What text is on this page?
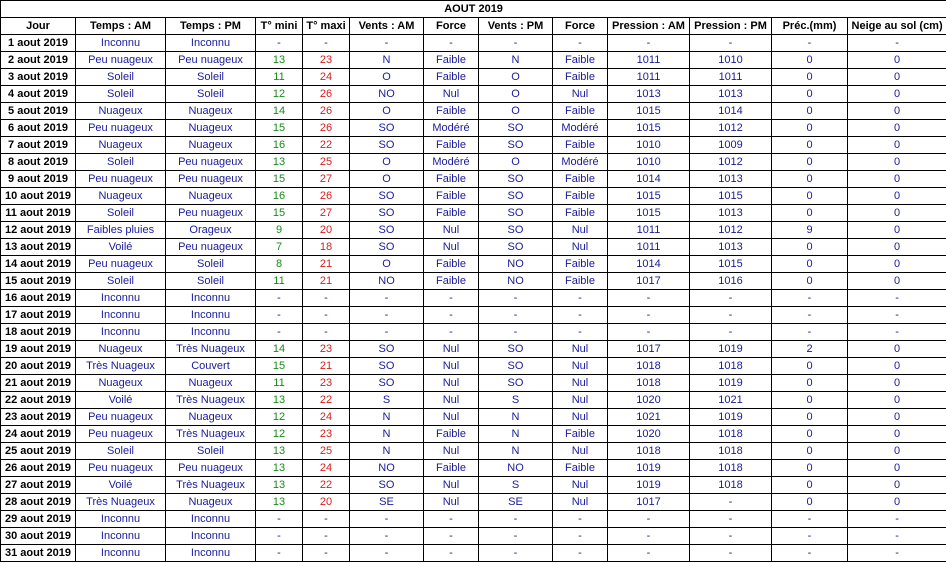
AOUT 2019												
Jour	Temps : AM	Temps : PM	T° mini	T° maxi	Vents : AM	Force	Vents : PM	Force	Pression : AM	Pression : PM	Préc.(mm)	Neige au sol (cm)
1 aout 2019	Inconnu	Inconnu	-	-	-	-	-	-	-	-	-	-
2 aout 2019	Peu nuageux	Peu nuageux	13	23	N	Faible	N	Faible	1011	1010	0	0
3 aout 2019	Soleil	Soleil	11	24	O	Faible	O	Faible	1011	1011	0	0
4 aout 2019	Soleil	Soleil	12	26	NO	Nul	O	Nul	1013	1013	0	0
5 aout 2019	Nuageux	Nuageux	14	26	O	Faible	O	Faible	1015	1014	0	0
6 aout 2019	Peu nuageux	Nuageux	15	26	SO	Modéré	SO	Modéré	1015	1012	0	0
7 aout 2019	Nuageux	Nuageux	16	22	SO	Faible	SO	Faible	1010	1009	0	0
8 aout 2019	Soleil	Peu nuageux	13	25	O	Modéré	O	Modéré	1010	1012	0	0
9 aout 2019	Peu nuageux	Peu nuageux	15	27	O	Faible	SO	Faible	1014	1013	0	0
10 aout 2019	Nuageux	Nuageux	16	26	SO	Faible	SO	Faible	1015	1015	0	0
11 aout 2019	Soleil	Peu nuageux	15	27	SO	Faible	SO	Faible	1015	1013	0	0
12 aout 2019	Faibles pluies	Orageux	9	20	SO	Nul	SO	Nul	1011	1012	9	0
13 aout 2019	Voilé	Peu nuageux	7	18	SO	Nul	SO	Nul	1011	1013	0	0
14 aout 2019	Peu nuageux	Soleil	8	21	O	Faible	NO	Faible	1014	1015	0	0
15 aout 2019	Soleil	Soleil	11	21	NO	Faible	NO	Faible	1017	1016	0	0
16 aout 2019	Inconnu	Inconnu	-	-	-	-	-	-	-	-	-	-
17 aout 2019	Inconnu	Inconnu	-	-	-	-	-	-	-	-	-	-
18 aout 2019	Inconnu	Inconnu	-	-	-	-	-	-	-	-	-	-
19 aout 2019	Nuageux	Très Nuageux	14	23	SO	Nul	SO	Nul	1017	1019	2	0
20 aout 2019	Très Nuageux	Couvert	15	21	SO	Nul	SO	Nul	1018	1018	0	0
21 aout 2019	Nuageux	Nuageux	11	23	SO	Nul	SO	Nul	1018	1019	0	0
22 aout 2019	Voilé	Très Nuageux	13	22	S	Nul	S	Nul	1020	1021	0	0
23 aout 2019	Peu nuageux	Nuageux	12	24	N	Nul	N	Nul	1021	1019	0	0
24 aout 2019	Peu nuageux	Très Nuageux	12	23	N	Faible	N	Faible	1020	1018	0	0
25 aout 2019	Soleil	Soleil	13	25	N	Nul	N	Nul	1018	1018	0	0
26 aout 2019	Peu nuageux	Peu nuageux	13	24	NO	Faible	NO	Faible	1019	1018	0	0
27 aout 2019	Voilé	Très Nuageux	13	22	SO	Nul	S	Nul	1019	1018	0	0
28 aout 2019	Très Nuageux	Nuageux	13	20	SE	Nul	SE	Nul	1017	-	0	0
29 aout 2019	Inconnu	Inconnu	-	-	-	-	-	-	-	-	-	-
30 aout 2019	Inconnu	Inconnu	-	-	-	-	-	-	-	-	-	-
31 aout 2019	Inconnu	Inconnu	-	-	-	-	-	-	-	-	-	-
